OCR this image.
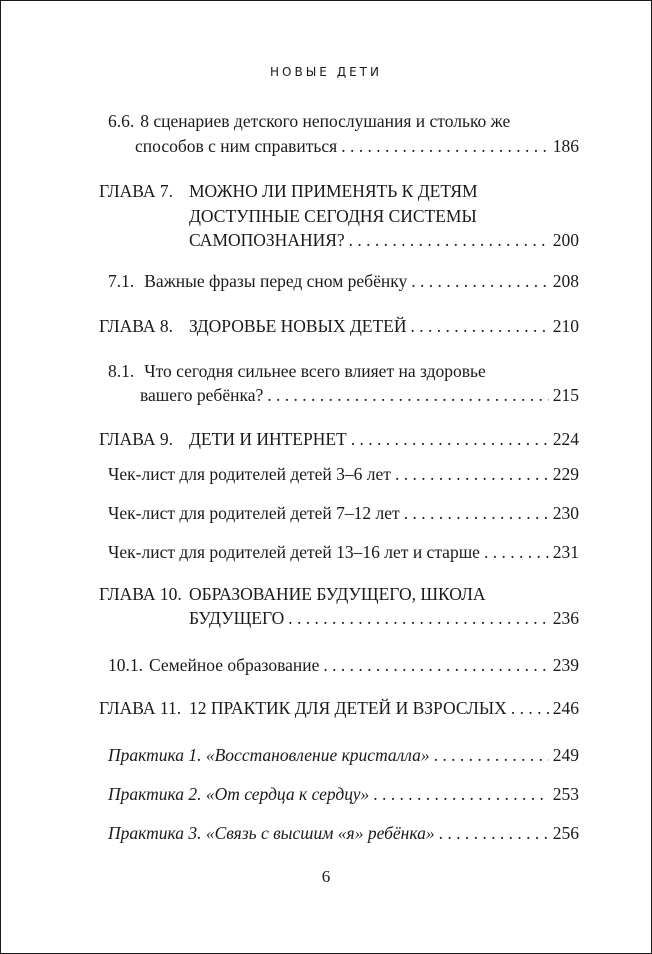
НОВЫЕ ДЕТИ
6.6. 8 сценариев детского непослушания и столько же
способов с ним справиться . . .	186
ГЛАВА 7. МОЖНО ЛИ ПРИМЕНЯТЬ К ДЕТЯМ
ДОСТУПНЫЕ СЕГОДНЯ СИСТЕМЫ
САМОПОЗНАНИЯ? . . .	200
7.1. Важные фразы перед сном ребёнку . . .	208
ГЛАВА 8. ЗДОРОВЬЕ НОВЫХ ДЕТЕЙ . . .	210
8.1. Что сегодня сильнее всего влияет на здоровье
вашего ребёнка? . . .	215
ГЛАВА 9. ДЕТИ И ИНТЕРНЕТ . . .	224
Чек-лист для родителей детей 3–6 лет . . .	229
Чек-лист для родителей детей 7–12 лет . . .	230
Чек-лист для родителей детей 13–16 лет и старше . . .	231
ГЛАВА 10. ОБРАЗОВАНИЕ БУДУЩЕГО, ШКОЛА
БУДУЩЕГО . . .	236
10.1. Семейное образование . . .	239
ГЛАВА 11. 12 ПРАКТИК ДЛЯ ДЕТЕЙ И ВЗРОСЛЫХ . . .	246
Практика 1. «Восстановление кристалла» . . .	249
Практика 2. «От сердца к сердцу» . . .	253
Практика 3. «Связь с высшим «я» ребёнка» . . .	256
6
